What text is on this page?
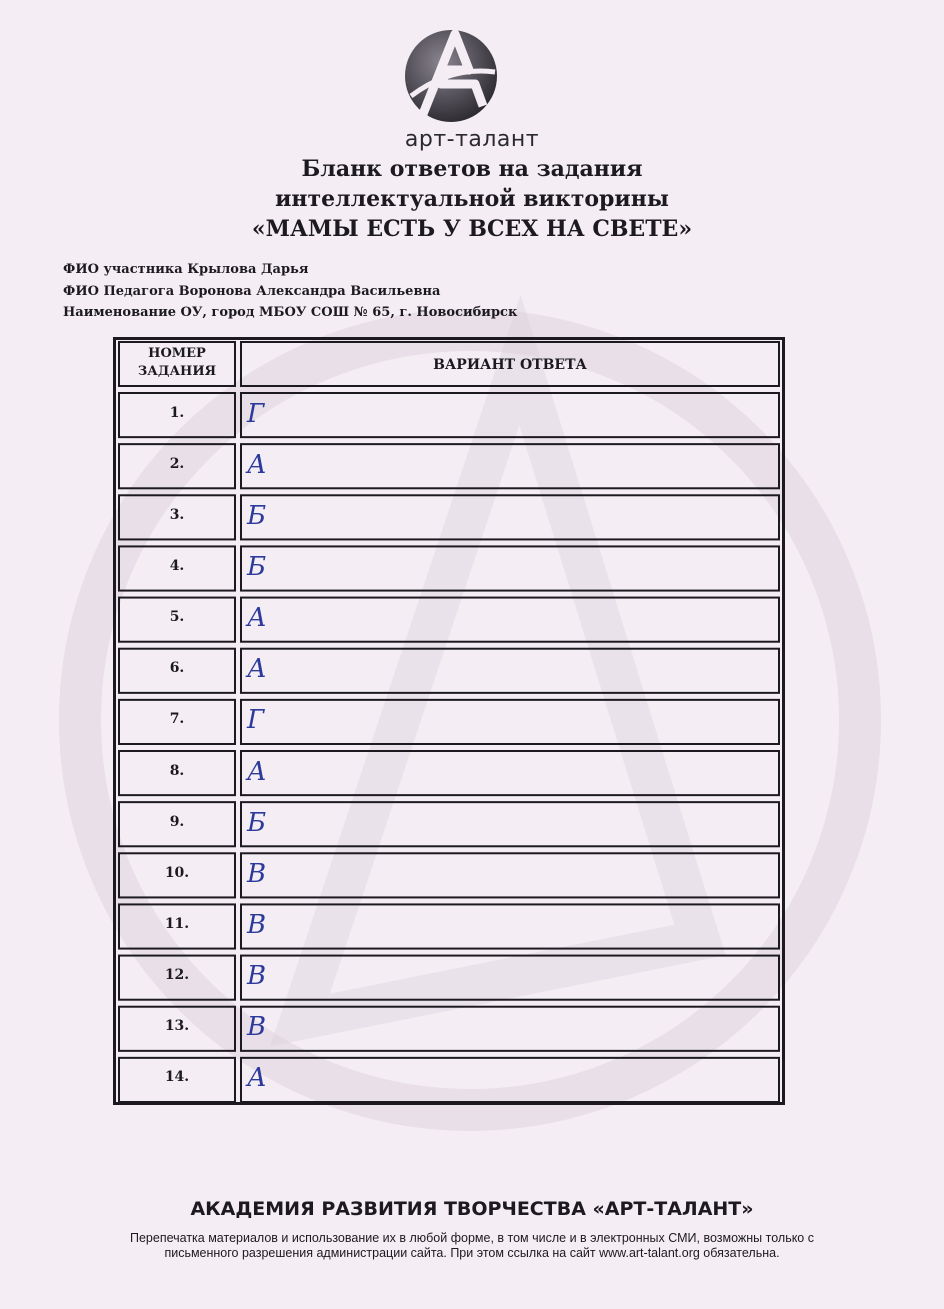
арт-талант
Бланк ответов на задания
интеллектуальной викторины
«МАМЫ ЕСТЬ У ВСЕХ НА СВЕТЕ»
ФИО участника Крылова Дарья
ФИО Педагога Воронова Александра Васильевна
Наименование ОУ, город МБОУ СОШ № 65, г. Новосибирск
НОМЕР
ЗАДАНИЯ	ВАРИАНТ ОТВЕТА
1.	Г
2.	А
3.	Б
4.	Б
5.	А
6.	А
7.	Г
8.	А
9.	Б
10.	В
11.	В
12.	В
13.	В
14.	А
АКАДЕМИЯ РАЗВИТИЯ ТВОРЧЕСТВА «АРТ-ТАЛАНТ»
Перепечатка материалов и использование их в любой форме, в том числе и в электронных СМИ, возможны только с
письменного разрешения администрации сайта. При этом ссылка на сайт www.art-talant.org обязательна.
